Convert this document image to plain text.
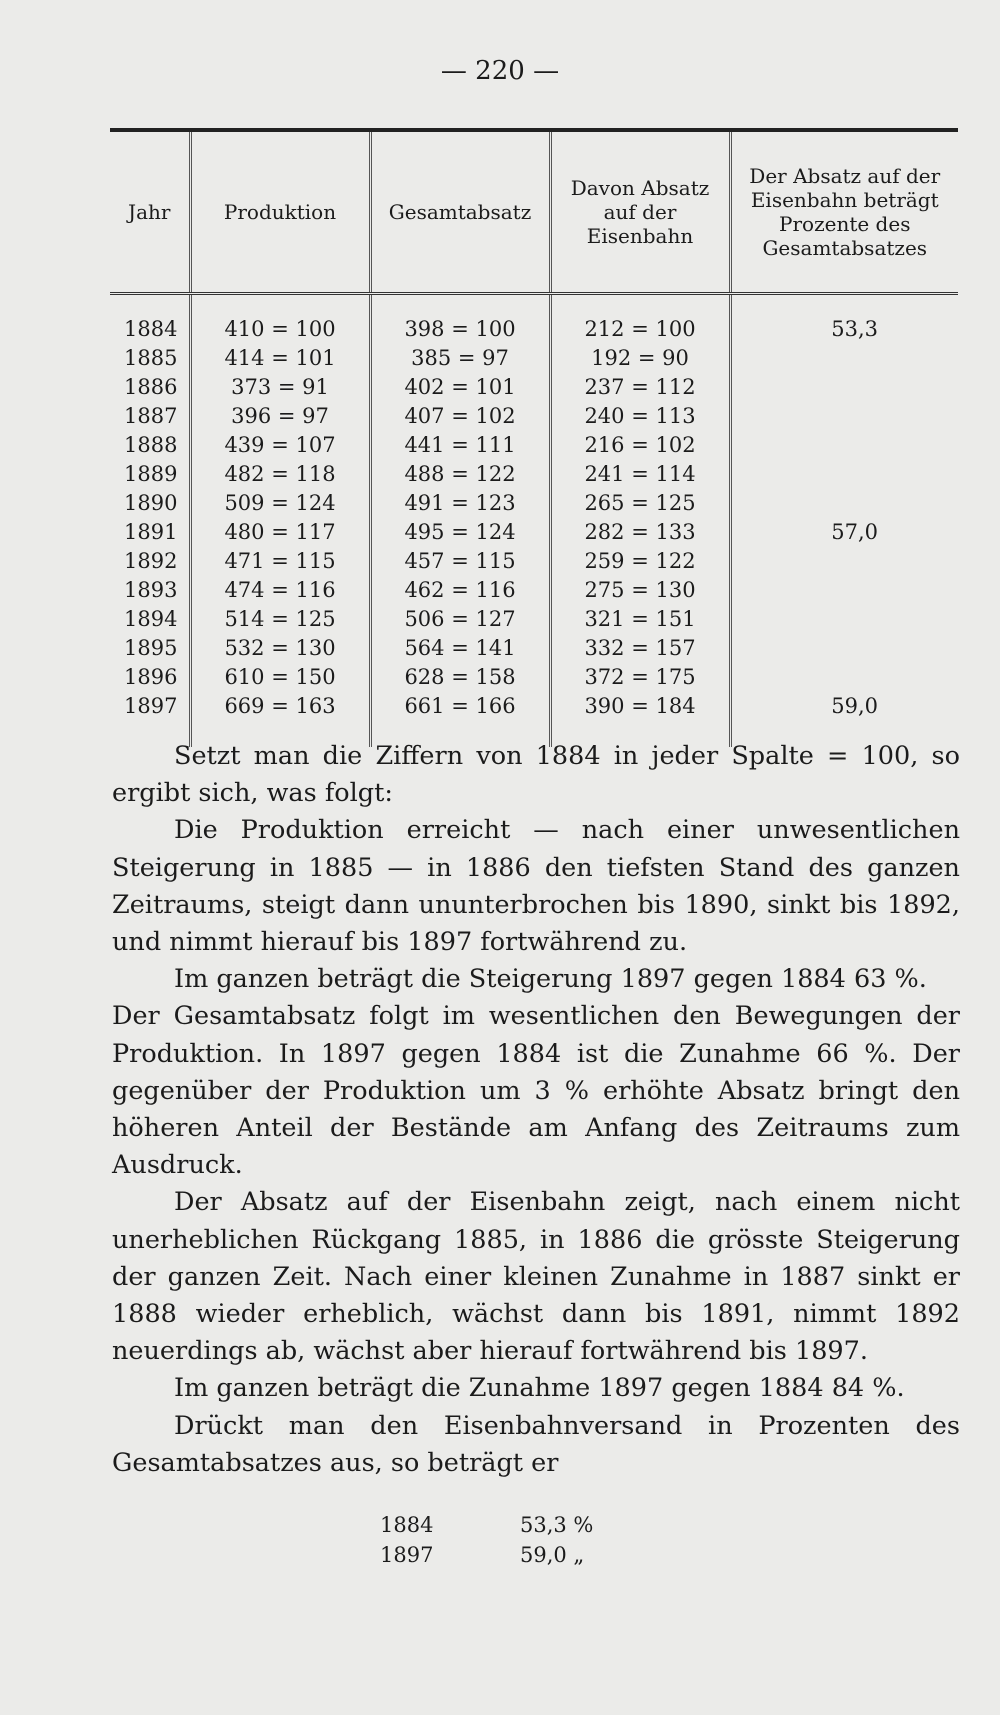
— 220 —
Jahr	Produktion	Gesamtabsatz	Davon Absatz auf der Eisenbahn	Der Absatz auf der Eisenbahn beträgt Prozente des Gesamtabsatzes
1884	410 = 100	398 = 100	212 = 100	53,3
1885	414 = 101	385 = 97	192 = 90	
1886	373 = 91	402 = 101	237 = 112	
1887	396 = 97	407 = 102	240 = 113	
1888	439 = 107	441 = 111	216 = 102	
1889	482 = 118	488 = 122	241 = 114	
1890	509 = 124	491 = 123	265 = 125	
1891	480 = 117	495 = 124	282 = 133	57,0
1892	471 = 115	457 = 115	259 = 122	
1893	474 = 116	462 = 116	275 = 130	
1894	514 = 125	506 = 127	321 = 151	
1895	532 = 130	564 = 141	332 = 157	
1896	610 = 150	628 = 158	372 = 175	
1897	669 = 163	661 = 166	390 = 184	59,0

Setzt man die Ziffern von 1884 in jeder Spalte = 100, so ergibt sich, was folgt:

Die Produktion erreicht — nach einer unwesentlichen Steigerung in 1885 — in 1886 den tiefsten Stand des ganzen Zeitraums, steigt dann ununterbrochen bis 1890, sinkt bis 1892, und nimmt hierauf bis 1897 fortwährend zu.

Im ganzen beträgt die Steigerung 1897 gegen 1884 63 %.

Der Gesamtabsatz folgt im wesentlichen den Bewegungen der Produktion. In 1897 gegen 1884 ist die Zunahme 66 %. Der gegenüber der Produktion um 3 % erhöhte Absatz bringt den höheren Anteil der Bestände am Anfang des Zeitraums zum Ausdruck.

Der Absatz auf der Eisenbahn zeigt, nach einem nicht unerheblichen Rückgang 1885, in 1886 die grösste Steigerung der ganzen Zeit. Nach einer kleinen Zunahme in 1887 sinkt er 1888 wieder erheblich, wächst dann bis 1891, nimmt 1892 neuerdings ab, wächst aber hierauf fortwährend bis 1897.

Im ganzen beträgt die Zunahme 1897 gegen 1884 84 %.

Drückt man den Eisenbahnversand in Prozenten des Gesamtabsatzes aus, so beträgt er

1884	53,3 %
1897	59,0 „
